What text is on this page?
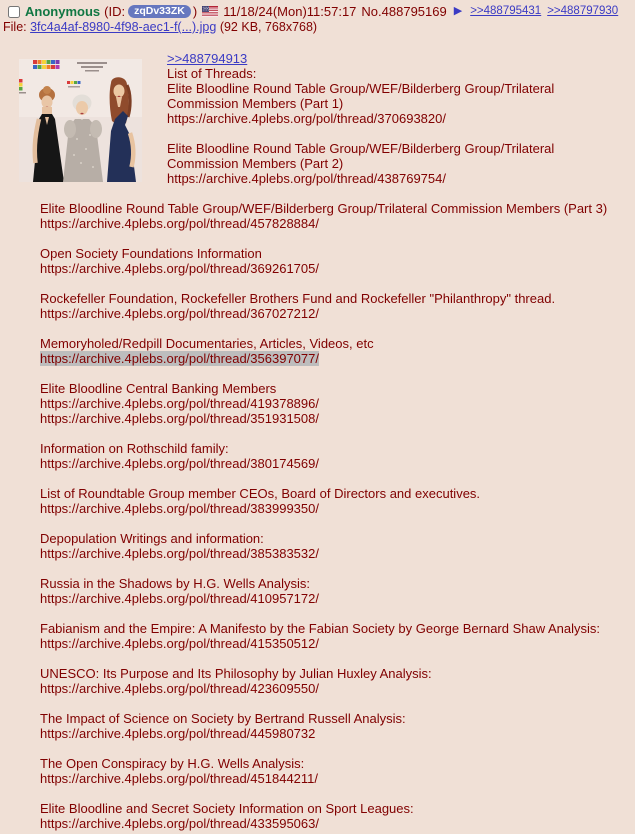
Anonymous (ID: zqDv33ZK ) 11/18/24(Mon)11:57:17 No.488795169 ▶ >>488795431 >>488797930
File: 3fc4a4af-8980-4f98-aec1-f(...).jpg (92 KB, 768x768)
>>488794913
List of Threads:
Elite Bloodline Round Table Group/WEF/Bilderberg Group/Trilateral
Commission Members (Part 1)
https://archive.4plebs.org/pol/thread/370693820/
Elite Bloodline Round Table Group/WEF/Bilderberg Group/Trilateral
Commission Members (Part 2)
https://archive.4plebs.org/pol/thread/438769754/
Elite Bloodline Round Table Group/WEF/Bilderberg Group/Trilateral Commission Members (Part 3)
https://archive.4plebs.org/pol/thread/457828884/
Open Society Foundations Information
https://archive.4plebs.org/pol/thread/369261705/
Rockefeller Foundation, Rockefeller Brothers Fund and Rockefeller "Philanthropy" thread.
https://archive.4plebs.org/pol/thread/367027212/
Memoryholed/Redpill Documentaries, Articles, Videos, etc
https://archive.4plebs.org/pol/thread/356397077/
Elite Bloodline Central Banking Members
https://archive.4plebs.org/pol/thread/419378896/
https://archive.4plebs.org/pol/thread/351931508/
Information on Rothschild family:
https://archive.4plebs.org/pol/thread/380174569/
List of Roundtable Group member CEOs, Board of Directors and executives.
https://archive.4plebs.org/pol/thread/383999350/
Depopulation Writings and information:
https://archive.4plebs.org/pol/thread/385383532/
Russia in the Shadows by H.G. Wells Analysis:
https://archive.4plebs.org/pol/thread/410957172/
Fabianism and the Empire: A Manifesto by the Fabian Society by George Bernard Shaw Analysis:
https://archive.4plebs.org/pol/thread/415350512/
UNESCO: Its Purpose and Its Philosophy by Julian Huxley Analysis:
https://archive.4plebs.org/pol/thread/423609550/
The Impact of Science on Society by Bertrand Russell Analysis:
https://archive.4plebs.org/pol/thread/445980732
The Open Conspiracy by H.G. Wells Analysis:
https://archive.4plebs.org/pol/thread/451844211/
Elite Bloodline and Secret Society Information on Sport Leagues:
https://archive.4plebs.org/pol/thread/433595063/
